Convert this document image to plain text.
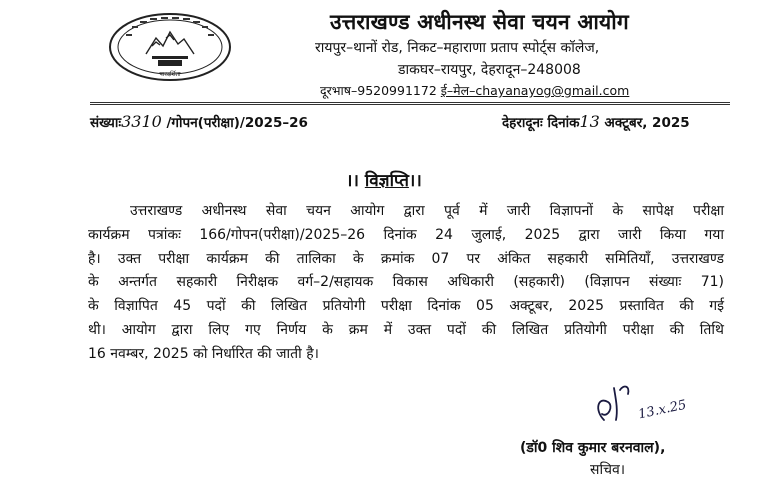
पारदर्शिता
उत्तराखण्ड अधीनस्थ सेवा चयन आयोग
रायपुर–थानों रोड, निकट–महाराणा प्रताप स्पोर्ट्स कॉलेज,
डाकघर–रायपुर, देहरादून–248008
दूरभाष–9520991172 ई–मेल–chayanayog@gmail.com
संख्याः3310 /गोपन(परीक्षा)/2025–26	देहरादूनः दिनांक13 अक्टूबर, 2025
।। विज्ञप्ति।।
उत्तराखण्ड अधीनस्थ सेवा चयन आयोग द्वारा पूर्व में जारी विज्ञापनों के सापेक्ष परीक्षा
कार्यक्रम पत्रांकः 166/गोपन(परीक्षा)/2025–26 दिनांक 24 जुलाई, 2025 द्वारा जारी किया गया
है। उक्त परीक्षा कार्यक्रम की तालिका के क्रमांक 07 पर अंकित सहकारी समितियाँ, उत्तराखण्ड
के अन्तर्गत सहकारी निरीक्षक वर्ग–2/सहायक विकास अधिकारी (सहकारी) (विज्ञापन संख्याः 71)
के विज्ञापित 45 पदों की लिखित प्रतियोगी परीक्षा दिनांक 05 अक्टूबर, 2025 प्रस्तावित की गई
थी। आयोग द्वारा लिए गए निर्णय के क्रम में उक्त पदों की लिखित प्रतियोगी परीक्षा की तिथि
16 नवम्बर, 2025 को निर्धारित की जाती है।
13.x.25
(डॉ0 शिव कुमार बरनवाल),
सचिव।
